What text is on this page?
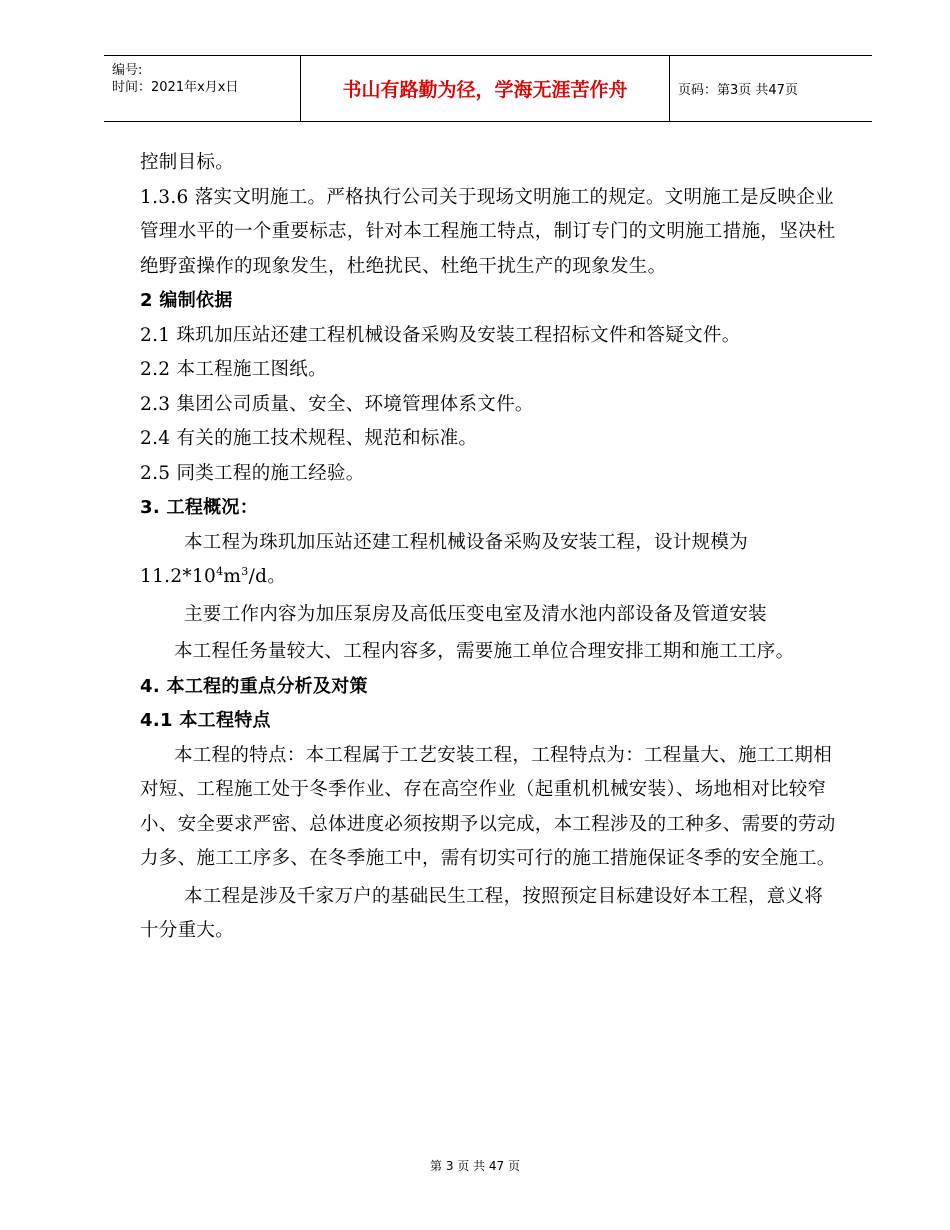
编号:
时间：2021年x月x日	书山有路勤为径，学海无涯苦作舟	页码：第3页 共47页

控制目标。

1.3.6 落实文明施工。严格执行公司关于现场文明施工的规定。文明施工是反映企业管理水平的一个重要标志，针对本工程施工特点，制订专门的文明施工措施，坚决杜绝野蛮操作的现象发生，杜绝扰民、杜绝干扰生产的现象发生。

2 编制依据

2.1 珠玑加压站还建工程机械设备采购及安装工程招标文件和答疑文件。

2.2 本工程施工图纸。

2.3 集团公司质量、安全、环境管理体系文件。

2.4 有关的施工技术规程、规范和标准。

2.5 同类工程的施工经验。

3. 工程概况：

本工程为珠玑加压站还建工程机械设备采购及安装工程，设计规模为$11.2*10^4m^3/d$。

主要工作内容为加压泵房及高低压变电室及清水池内部设备及管道安装

本工程任务量较大、工程内容多，需要施工单位合理安排工期和施工工序。

4. 本工程的重点分析及对策

4.1 本工程特点

本工程的特点：本工程属于工艺安装工程，工程特点为：工程量大、施工工期相对短、工程施工处于冬季作业、存在高空作业（起重机机械安装）、场地相对比较窄小、安全要求严密、总体进度必须按期予以完成，本工程涉及的工种多、需要的劳动力多、施工工序多、在冬季施工中，需有切实可行的施工措施保证冬季的安全施工。

本工程是涉及千家万户的基础民生工程，按照预定目标建设好本工程，意义将十分重大。

第 3 页 共 47 页
